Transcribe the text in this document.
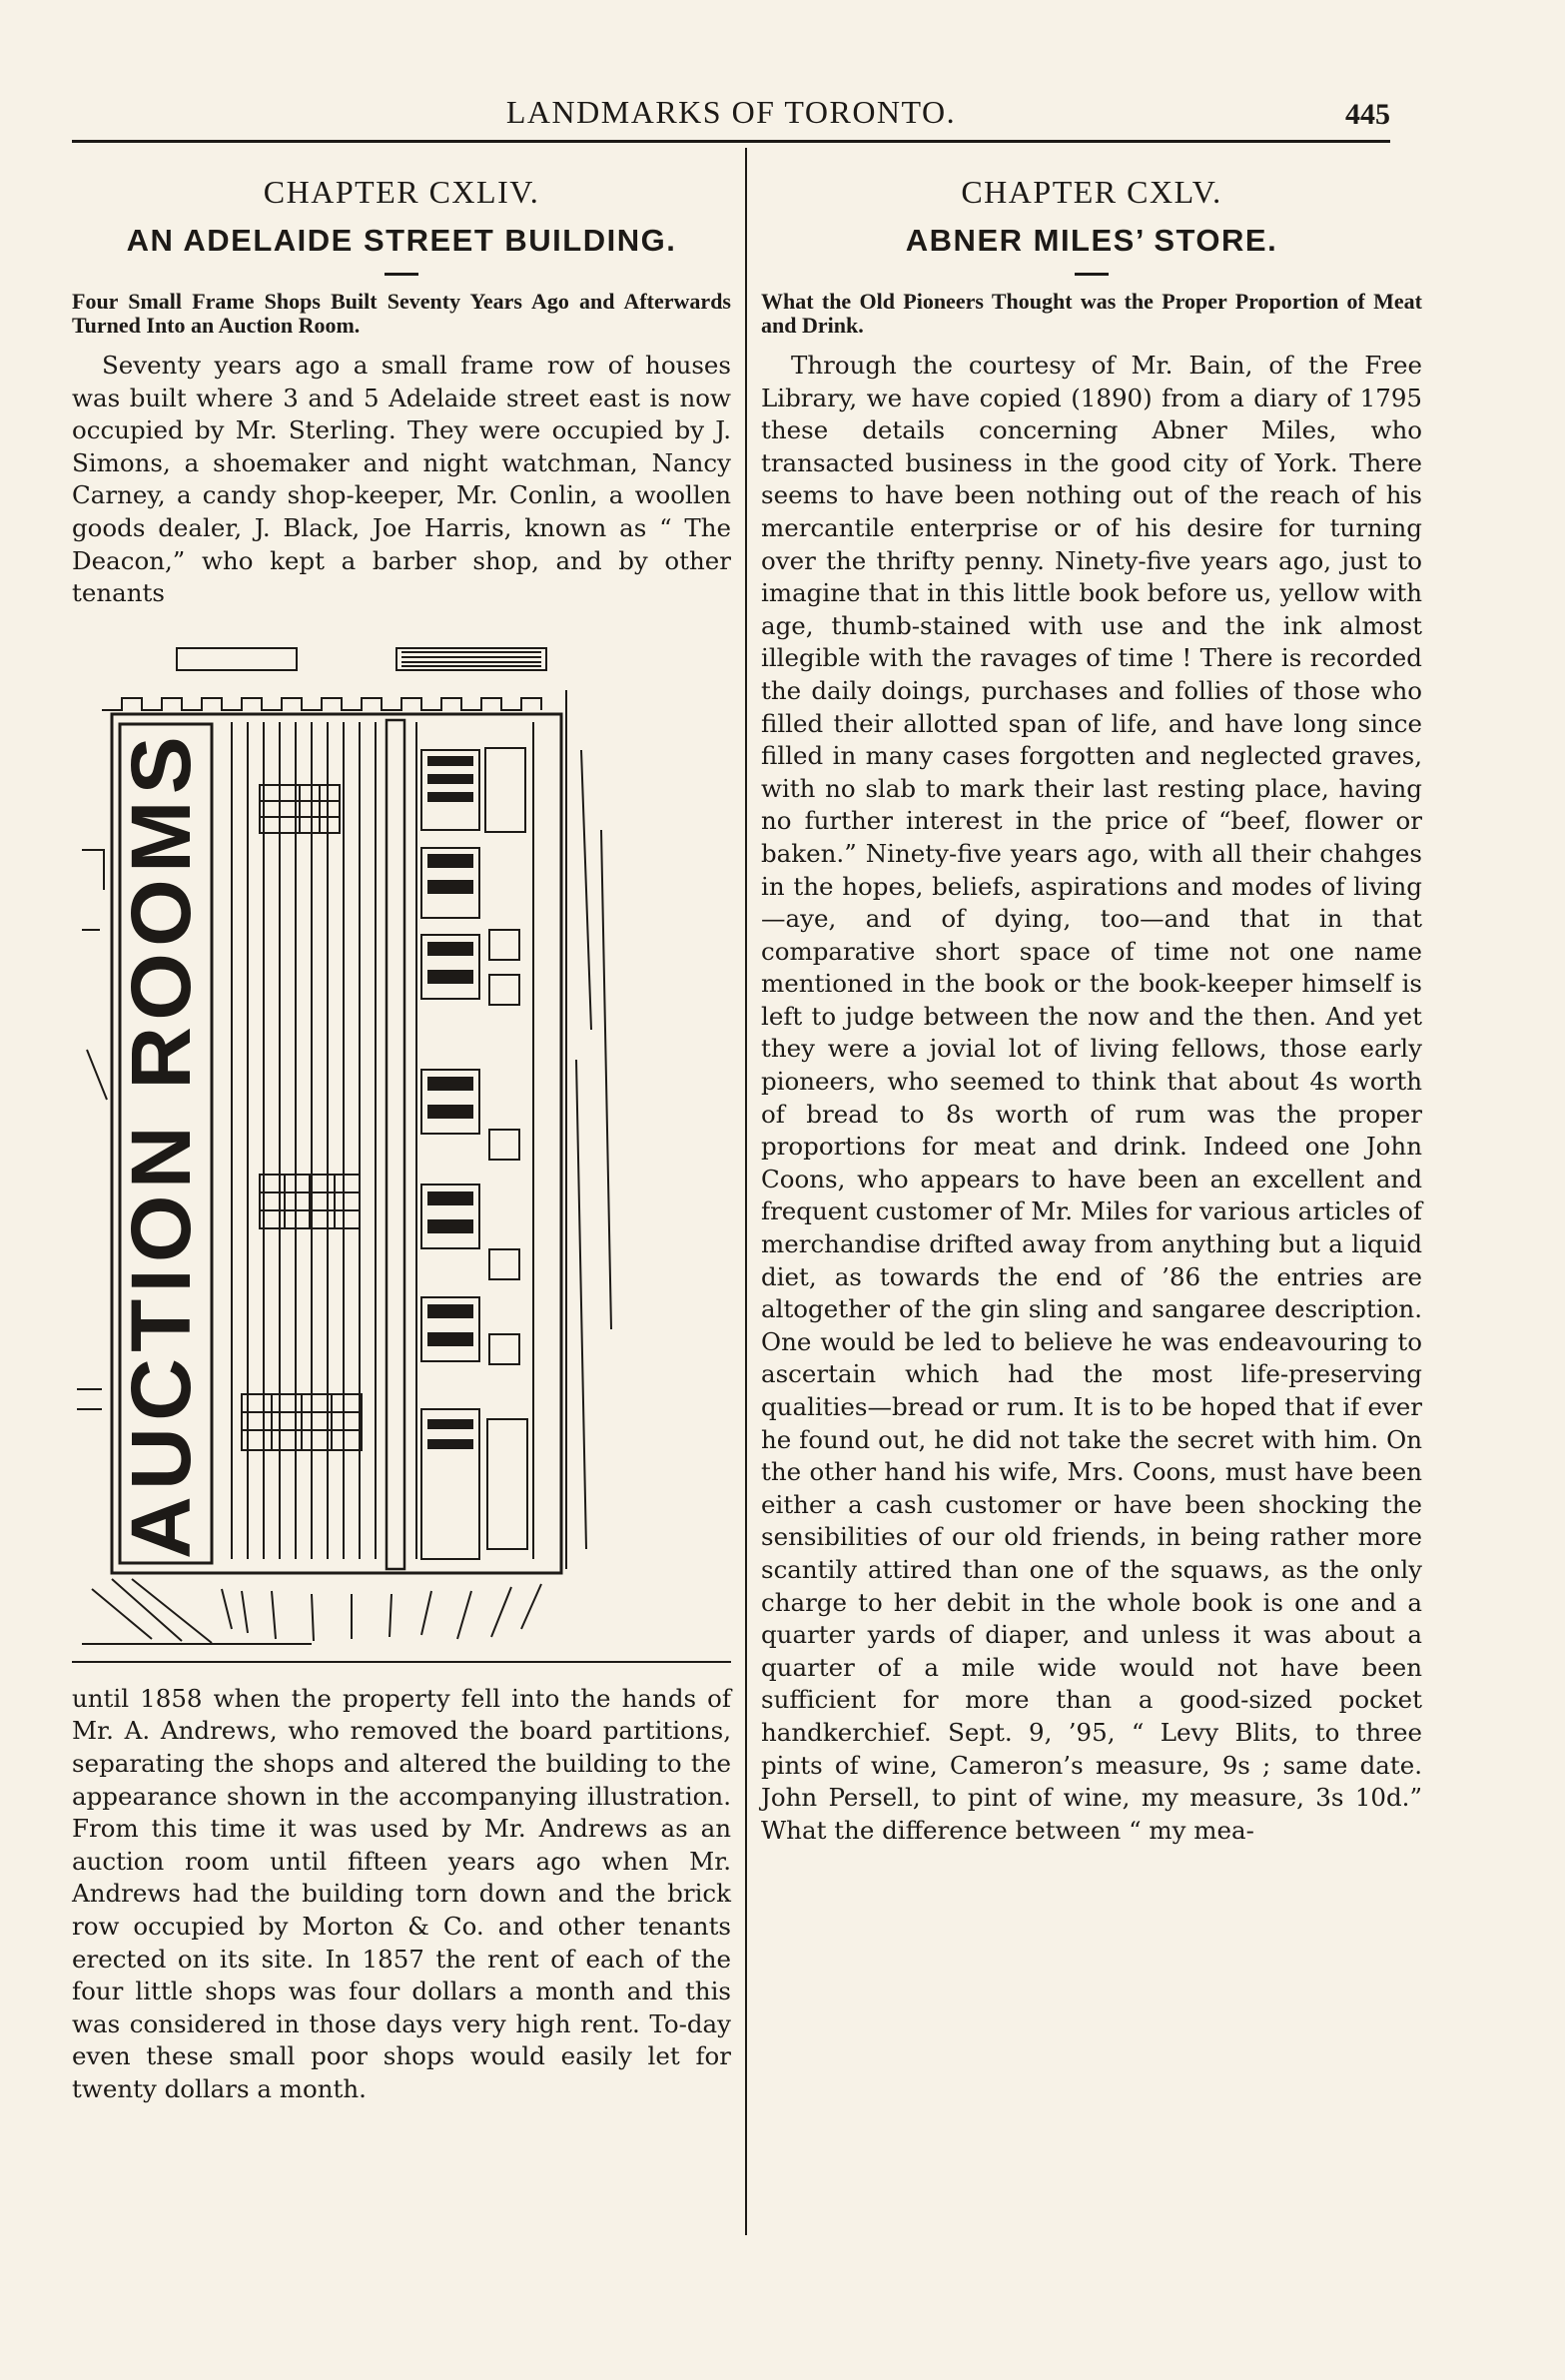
LANDMARKS OF TORONTO.	445
CHAPTER CXLIV.
AN ADELAIDE STREET BUILDING.
Four Small Frame Shops Built Seventy Years Ago and Afterwards Turned Into an Auction Room.

Seventy years ago a small frame row of houses was built where 3 and 5 Adelaide street east is now occupied by Mr. Sterling. They were occupied by J. Simons, a shoemaker and night watchman, Nancy Carney, a candy shop-keeper, Mr. Conlin, a woollen goods dealer, J. Black, Joe Harris, known as “ The Deacon,” who kept a barber shop, and by other tenants

AUCTION ROOMS

until 1858 when the property fell into the hands of Mr. A. Andrews, who removed the board partitions, separating the shops and altered the building to the appearance shown in the accompanying illustration. From this time it was used by Mr. Andrews as an auction room until fifteen years ago when Mr. Andrews had the building torn down and the brick row occupied by Morton & Co. and other tenants erected on its site. In 1857 the rent of each of the four little shops was four dollars a month and this was considered in those days very high rent. To-day even these small poor shops would easily let for twenty dollars a month.

CHAPTER CXLV.
ABNER MILES’ STORE.
What the Old Pioneers Thought was the Proper Proportion of Meat and Drink.

Through the courtesy of Mr. Bain, of the Free Library, we have copied (1890) from a diary of 1795 these details concerning Abner Miles, who transacted business in the good city of York. There seems to have been nothing out of the reach of his mercantile enterprise or of his desire for turning over the thrifty penny. Ninety-five years ago, just to imagine that in this little book before us, yellow with age, thumb-stained with use and the ink almost illegible with the ravages of time ! There is recorded the daily doings, purchases and follies of those who filled their allotted span of life, and have long since filled in many cases forgotten and neglected graves, with no slab to mark their last resting place, having no further interest in the price of “beef, flower or baken.” Ninety-five years ago, with all their chahges in the hopes, beliefs, aspirations and modes of living—aye, and of dying, too—and that in that comparative short space of time not one name mentioned in the book or the book-keeper himself is left to judge between the now and the then. And yet they were a jovial lot of living fellows, those early pioneers, who seemed to think that about 4s worth of bread to 8s worth of rum was the proper proportions for meat and drink. Indeed one John Coons, who appears to have been an excellent and frequent customer of Mr. Miles for various articles of merchandise drifted away from anything but a liquid diet, as towards the end of ’86 the entries are altogether of the gin sling and sangaree description. One would be led to believe he was endeavouring to ascertain which had the most life-preserving qualities—bread or rum. It is to be hoped that if ever he found out, he did not take the secret with him. On the other hand his wife, Mrs. Coons, must have been either a cash customer or have been shocking the sensibilities of our old friends, in being rather more scantily attired than one of the squaws, as the only charge to her debit in the whole book is one and a quarter yards of diaper, and unless it was about a quarter of a mile wide would not have been sufficient for more than a good-sized pocket handkerchief. Sept. 9, ’95, “ Levy Blits, to three pints of wine, Cameron’s measure, 9s ; same date. John Persell, to pint of wine, my measure, 3s 10d.” What the difference between “ my mea-
